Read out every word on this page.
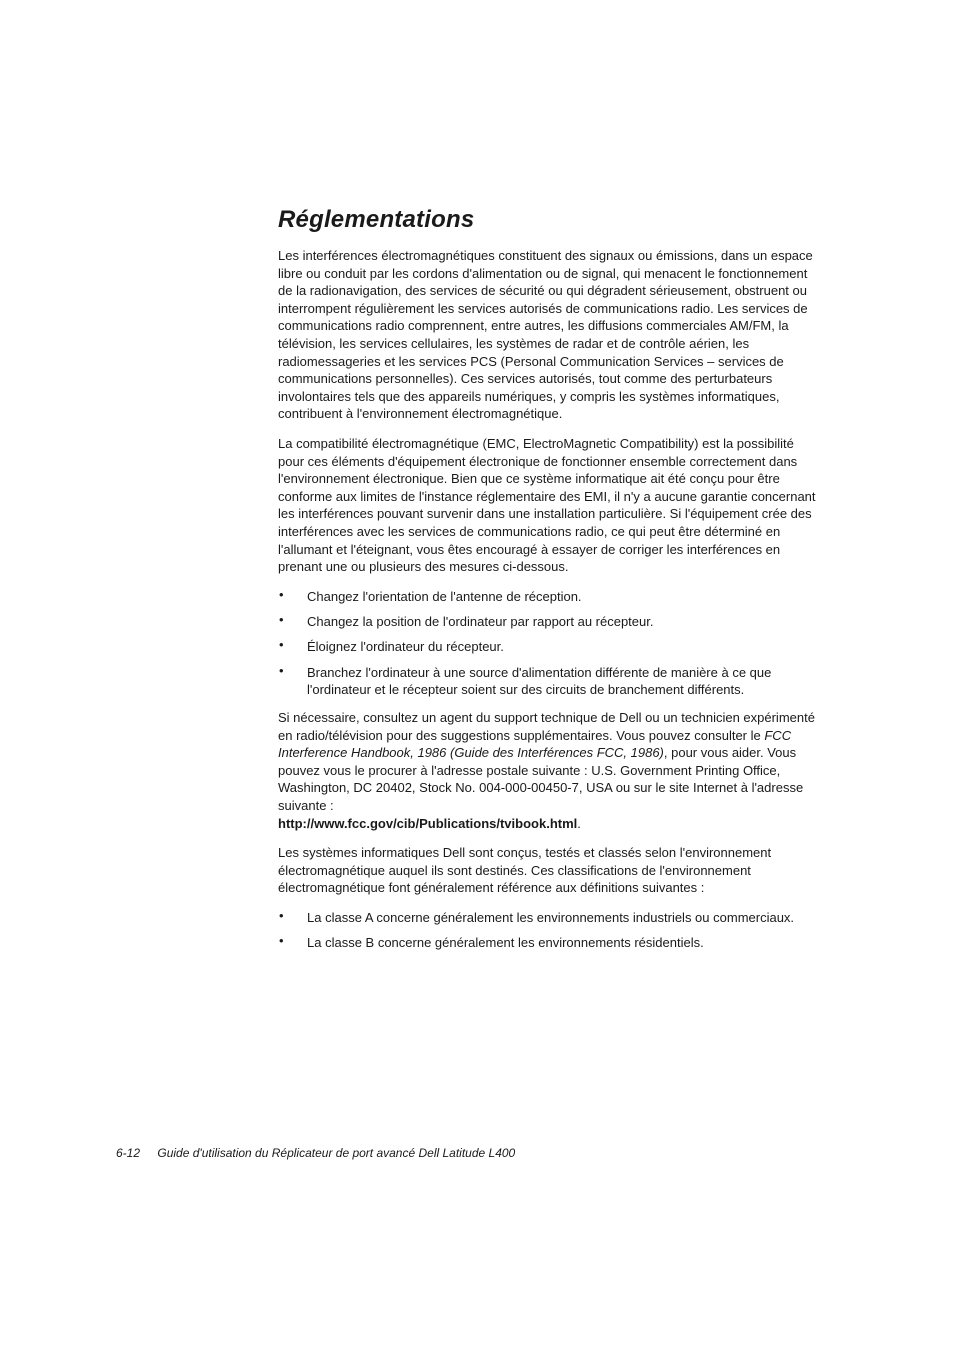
Réglementations

Les interférences électromagnétiques constituent des signaux ou émissions, dans un espace libre ou conduit par les cordons d'alimentation ou de signal, qui menacent le fonctionnement de la radionavigation, des services de sécurité ou qui dégradent sérieusement, obstruent ou interrompent régulièrement les services autorisés de communications radio. Les services de communications radio comprennent, entre autres, les diffusions commerciales AM/FM, la télévision, les services cellulaires, les systèmes de radar et de contrôle aérien, les radiomessageries et les services PCS (Personal Communication Services – services de communications personnelles). Ces services autorisés, tout comme des perturbateurs involontaires tels que des appareils numériques, y compris les systèmes informatiques, contribuent à l'environnement électromagnétique.

La compatibilité électromagnétique (EMC, ElectroMagnetic Compatibility) est la possibilité pour ces éléments d'équipement électronique de fonctionner ensemble correctement dans l'environnement électronique. Bien que ce système informatique ait été conçu pour être conforme aux limites de l'instance réglementaire des EMI, il n'y a aucune garantie concernant les interférences pouvant survenir dans une installation particulière. Si l'équipement crée des interférences avec les services de communications radio, ce qui peut être déterminé en l'allumant et l'éteignant, vous êtes encouragé à essayer de corriger les interférences en prenant une ou plusieurs des mesures ci-dessous.

• Changez l'orientation de l'antenne de réception.
• Changez la position de l'ordinateur par rapport au récepteur.
• Éloignez l'ordinateur du récepteur.
• Branchez l'ordinateur à une source d'alimentation différente de manière à ce que l'ordinateur et le récepteur soient sur des circuits de branchement différents.

Si nécessaire, consultez un agent du support technique de Dell ou un technicien expérimenté en radio/télévision pour des suggestions supplémentaires. Vous pouvez consulter le FCC Interference Handbook, 1986 (Guide des Interférences FCC, 1986), pour vous aider. Vous pouvez vous le procurer à l'adresse postale suivante : U.S. Government Printing Office, Washington, DC 20402, Stock No. 004-000-00450-7, USA ou sur le site Internet à l'adresse suivante :
http://www.fcc.gov/cib/Publications/tvibook.html.

Les systèmes informatiques Dell sont conçus, testés et classés selon l'environnement électromagnétique auquel ils sont destinés. Ces classifications de l'environnement électromagnétique font généralement référence aux définitions suivantes :

• La classe A concerne généralement les environnements industriels ou commerciaux.
• La classe B concerne généralement les environnements résidentiels.
6-12 Guide d'utilisation du Réplicateur de port avancé Dell Latitude L400
